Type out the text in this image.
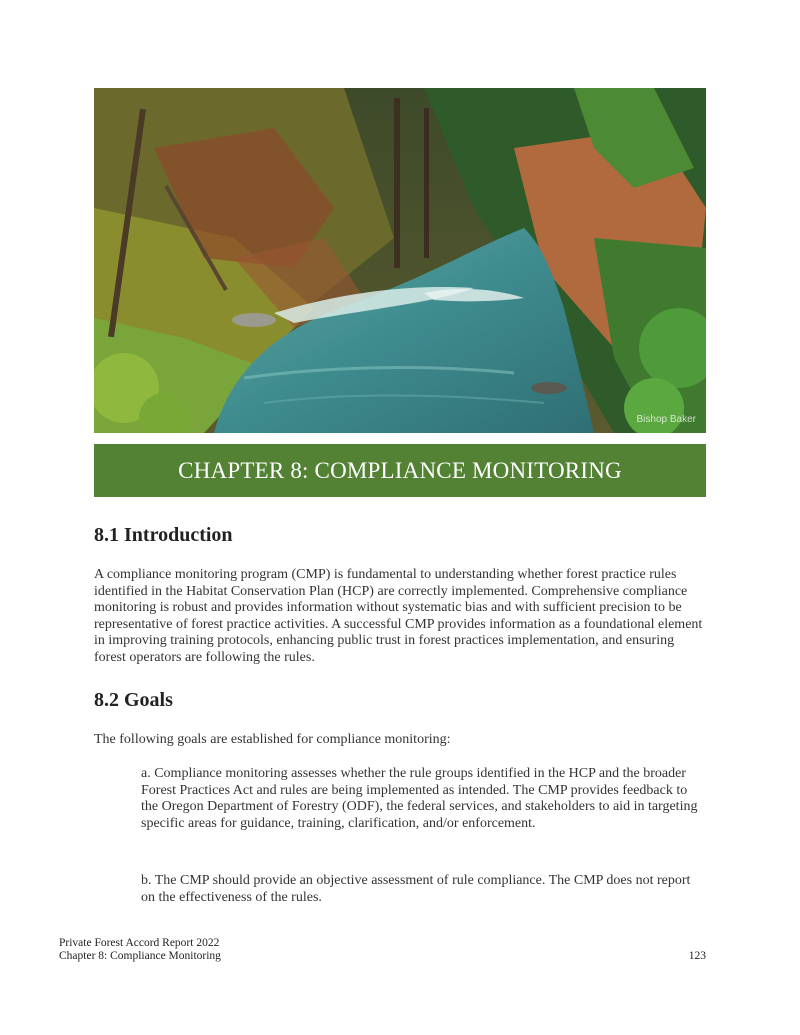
Bishop Baker
CHAPTER 8: COMPLIANCE MONITORING
8.1 Introduction

A compliance monitoring program (CMP) is fundamental to understanding whether forest practice rules identified in the Habitat Conservation Plan (HCP) are correctly implemented. Comprehensive compliance monitoring is robust and provides information without systematic bias and with sufficient precision to be representative of forest practice activities. A successful CMP provides information as a foundational element in improving training protocols, enhancing public trust in forest practices implementation, and ensuring forest operators are following the rules.

8.2 Goals

The following goals are established for compliance monitoring:

a. Compliance monitoring assesses whether the rule groups identified in the HCP and the broader Forest Practices Act and rules are being implemented as intended. The CMP provides feedback to the Oregon Department of Forestry (ODF), the federal services, and stakeholders to aid in targeting specific areas for guidance, training, clarification, and/or enforcement.

b. The CMP should provide an objective assessment of rule compliance. The CMP does not report on the effectiveness of the rules.

Private Forest Accord Report 2022
Chapter 8: Compliance Monitoring	123
